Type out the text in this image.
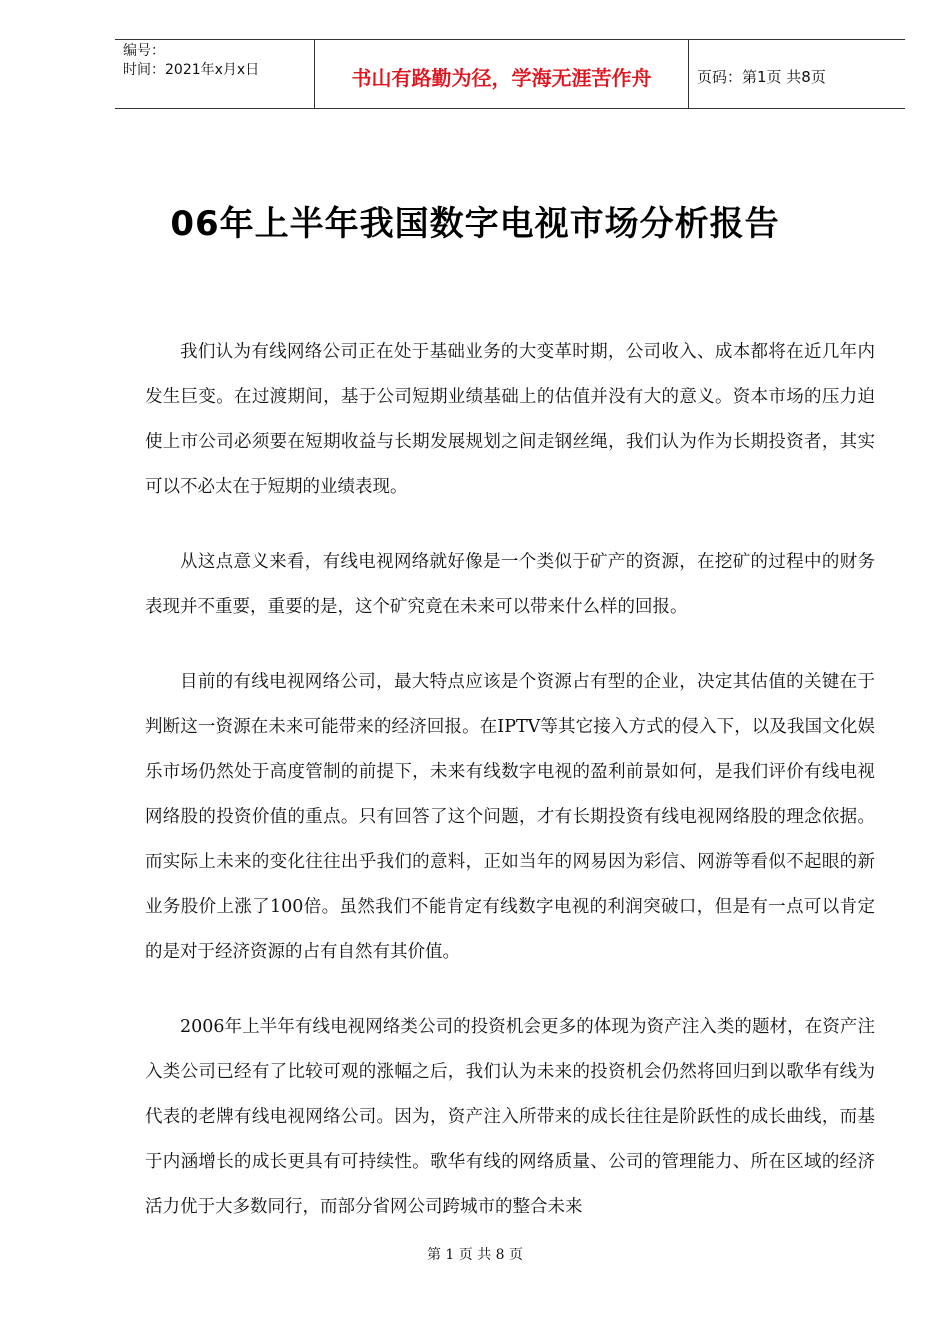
编号：
时间：2021年x月x日	书山有路勤为径，学海无涯苦作舟	页码：第1页 共8页
06年上半年我国数字电视市场分析报告

我们认为有线网络公司正在处于基础业务的大变革时期，公司收入、成本都将在近几年内发生巨变。在过渡期间，基于公司短期业绩基础上的估值并没有大的意义。资本市场的压力迫使上市公司必须要在短期收益与长期发展规划之间走钢丝绳，我们认为作为长期投资者，其实可以不必太在于短期的业绩表现。

从这点意义来看，有线电视网络就好像是一个类似于矿产的资源，在挖矿的过程中的财务表现并不重要，重要的是，这个矿究竟在未来可以带来什么样的回报。

目前的有线电视网络公司，最大特点应该是个资源占有型的企业，决定其估值的关键在于判断这一资源在未来可能带来的经济回报。在IPTV等其它接入方式的侵入下，以及我国文化娱乐市场仍然处于高度管制的前提下，未来有线数字电视的盈利前景如何，是我们评价有线电视网络股的投资价值的重点。只有回答了这个问题，才有长期投资有线电视网络股的理念依据。而实际上未来的变化往往出乎我们的意料，正如当年的网易因为彩信、网游等看似不起眼的新业务股价上涨了100倍。虽然我们不能肯定有线数字电视的利润突破口，但是有一点可以肯定的是对于经济资源的占有自然有其价值。

2006年上半年有线电视网络类公司的投资机会更多的体现为资产注入类的题材，在资产注入类公司已经有了比较可观的涨幅之后，我们认为未来的投资机会仍然将回归到以歌华有线为代表的老牌有线电视网络公司。因为，资产注入所带来的成长往往是阶跃性的成长曲线，而基于内涵增长的成长更具有可持续性。歌华有线的网络质量、公司的管理能力、所在区域的经济活力优于大多数同行，而部分省网公司跨城市的整合未来

第 1 页 共 8 页
